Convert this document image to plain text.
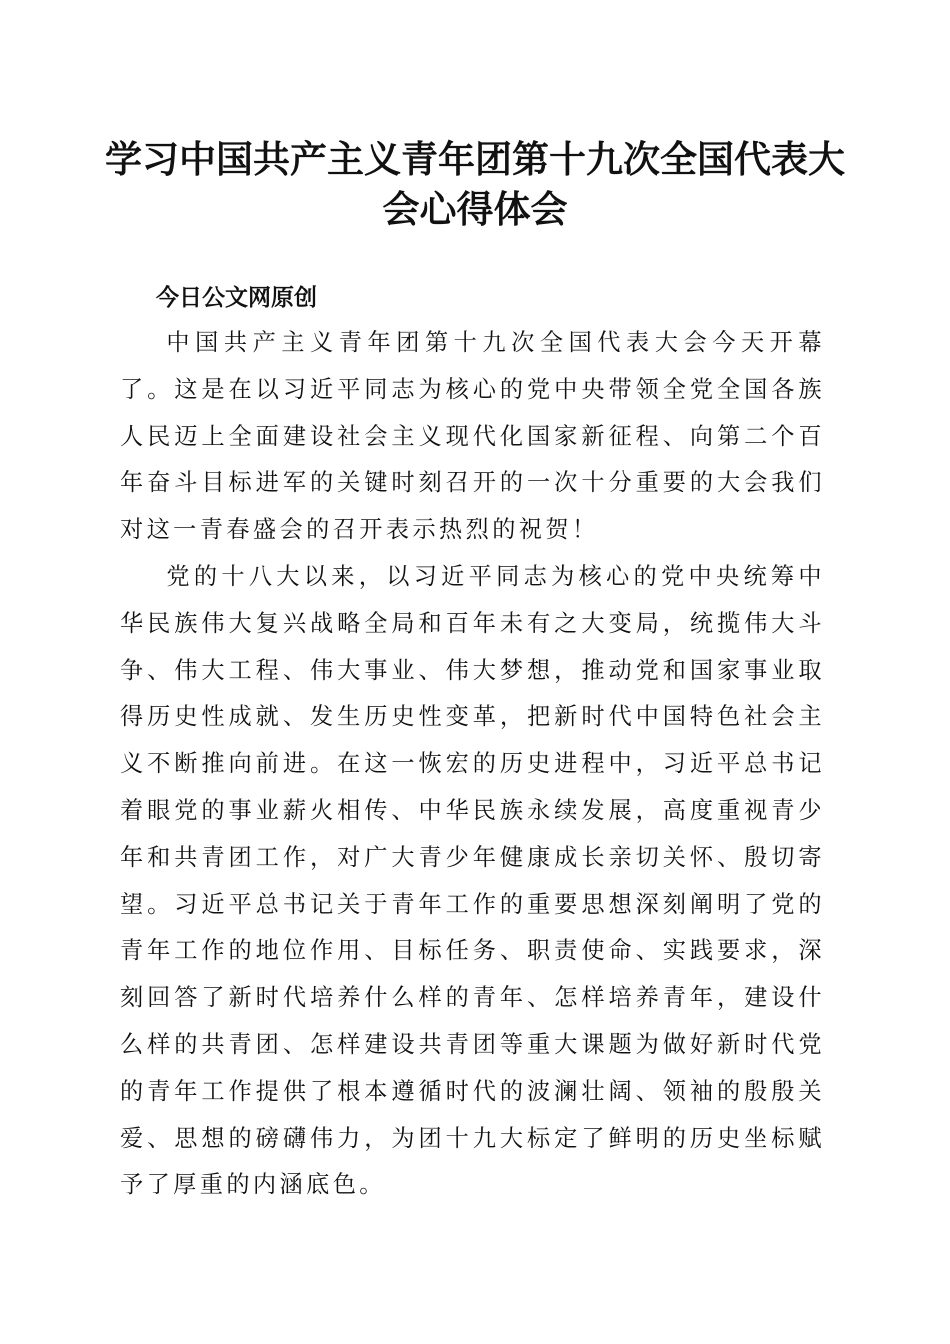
学习中国共产主义青年团第十九次全国代表大会心得体会
今日公文网原创

中国共产主义青年团第十九次全国代表大会今天开幕了。这是在以习近平同志为核心的党中央带领全党全国各族人民迈上全面建设社会主义现代化国家新征程、向第二个百年奋斗目标进军的关键时刻召开的一次十分重要的大会我们对这一青春盛会的召开表示热烈的祝贺！

党的十八大以来，以习近平同志为核心的党中央统筹中华民族伟大复兴战略全局和百年未有之大变局，统揽伟大斗争、伟大工程、伟大事业、伟大梦想，推动党和国家事业取得历史性成就、发生历史性变革，把新时代中国特色社会主义不断推向前进。在这一恢宏的历史进程中，习近平总书记着眼党的事业薪火相传、中华民族永续发展，高度重视青少年和共青团工作，对广大青少年健康成长亲切关怀、殷切寄望。习近平总书记关于青年工作的重要思想深刻阐明了党的青年工作的地位作用、目标任务、职责使命、实践要求，深刻回答了新时代培养什么样的青年、怎样培养青年，建设什么样的共青团、怎样建设共青团等重大课题为做好新时代党的青年工作提供了根本遵循时代的波澜壮阔、领袖的殷殷关爱、思想的磅礴伟力，为团十九大标定了鲜明的历史坐标赋予了厚重的内涵底色。
